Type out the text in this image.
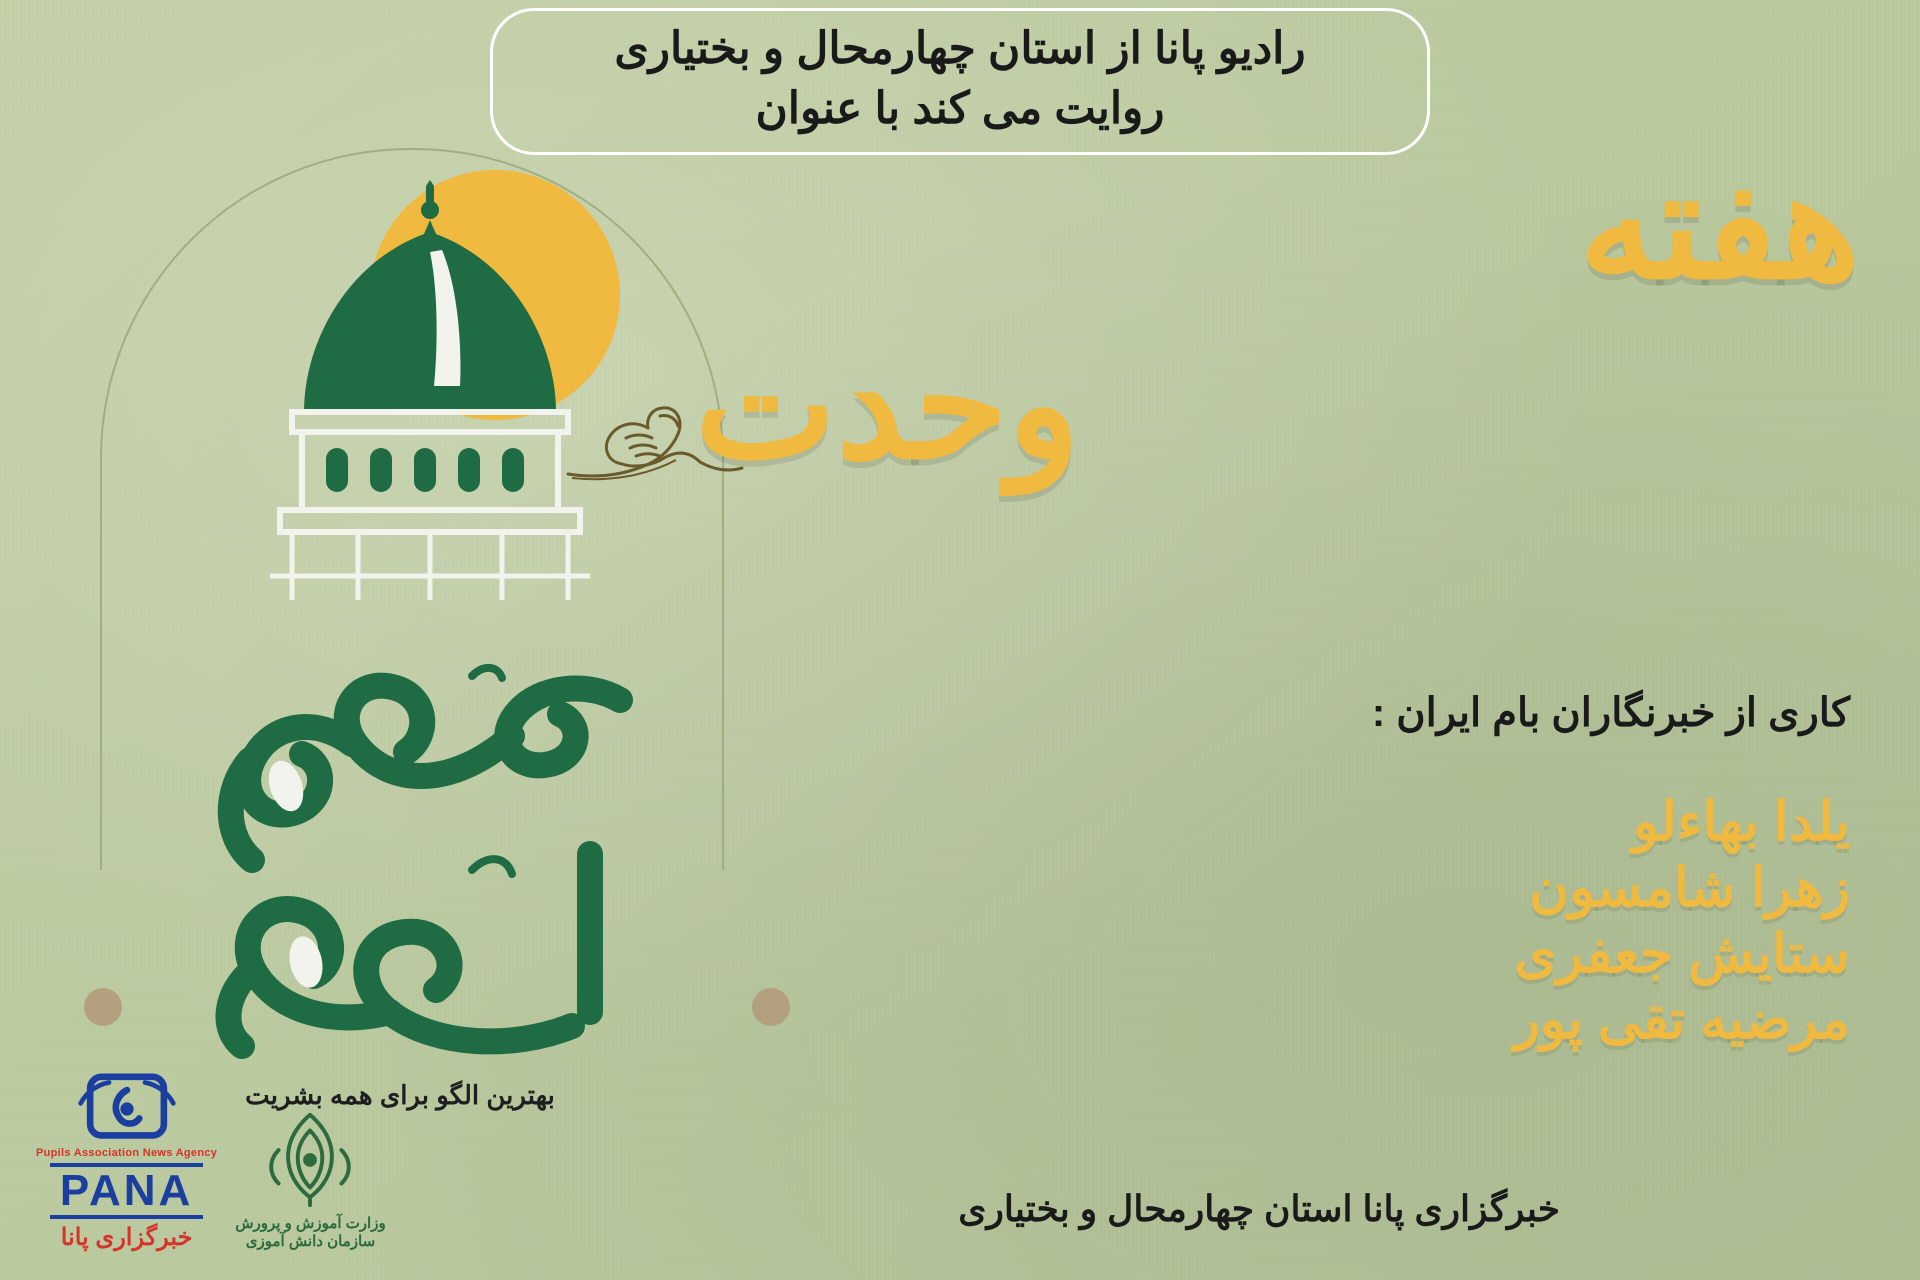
رادیو پانا از استان چهارمحال و بختیاری
روایت می کند با عنوان
بهترین الگو برای همه بشریت
هفته
وحدت
کاری از خبرنگاران بام ایران :
یلدا بهاءلو
زهرا شامسون
ستایش جعفری
مرضیه تقی پور
خبرگزاری پانا استان چهارمحال و بختیاری
وزارت آموزش و پرورش
سازمان دانش آموزی
Pupils Association News Agency
PANA
خبرگزاری پانا
